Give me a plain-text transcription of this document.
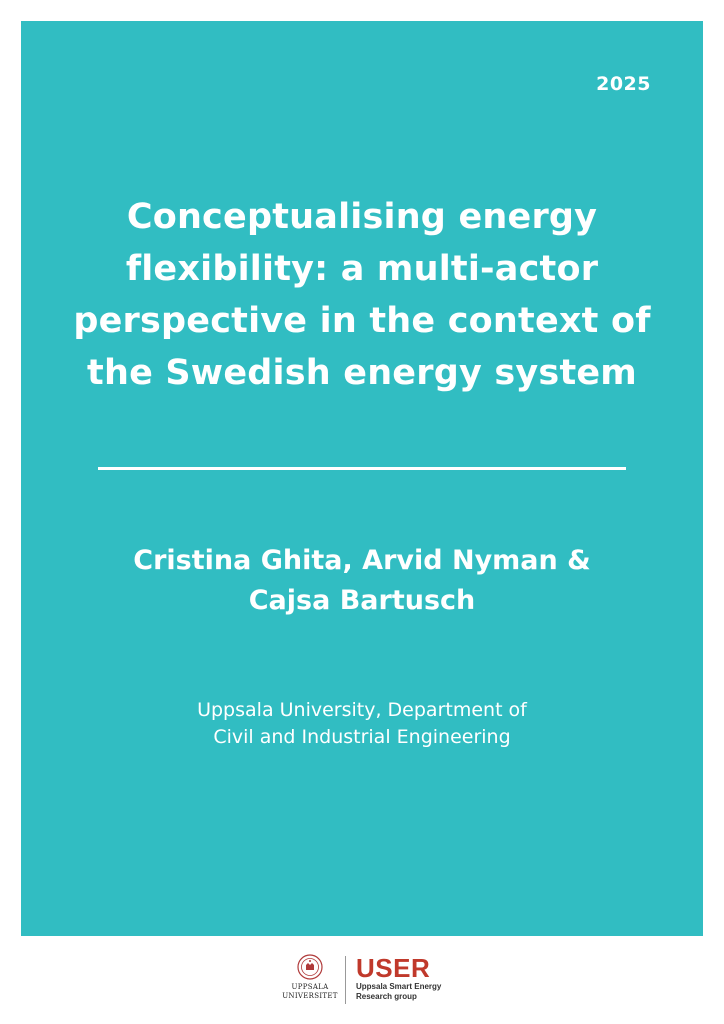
2025
Conceptualising energy flexibility: a multi-actor perspective in the context of the Swedish energy system

Cristina Ghita, Arvid Nyman &
Cajsa Bartusch

Uppsala University, Department of
Civil and Industrial Engineering

UPPSALA
UNIVERSITET
USER
Uppsala Smart Energy
Research group
